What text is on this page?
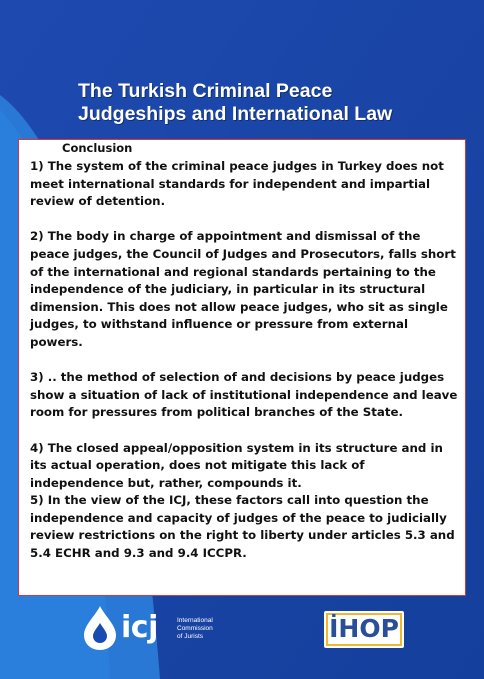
The Turkish Criminal Peace
Judgeships and International Law
Conclusion

1) The system of the criminal peace judges in Turkey does not meet international standards for independent and impartial review of detention.

2) The body in charge of appointment and dismissal of the peace judges, the Council of Judges and Prosecutors, falls short of the international and regional standards pertaining to the independence of the judiciary, in particular in its structural dimension. This does not allow peace judges, who sit as single judges, to withstand influence or pressure from external powers.

3) .. the method of selection of and decisions by peace judges show a situation of lack of institutional independence and leave room for pressures from political branches of the State.

4) The closed appeal/opposition system in its structure and in its actual operation, does not mitigate this lack of independence but, rather, compounds it.

5) In the view of the ICJ, these factors call into question the independence and capacity of judges of the peace to judicially review restrictions on the right to liberty under articles 5.3 and 5.4 ECHR and 9.3 and 9.4 ICCPR.

icj	International
Commission
of Jurists	İHOP
